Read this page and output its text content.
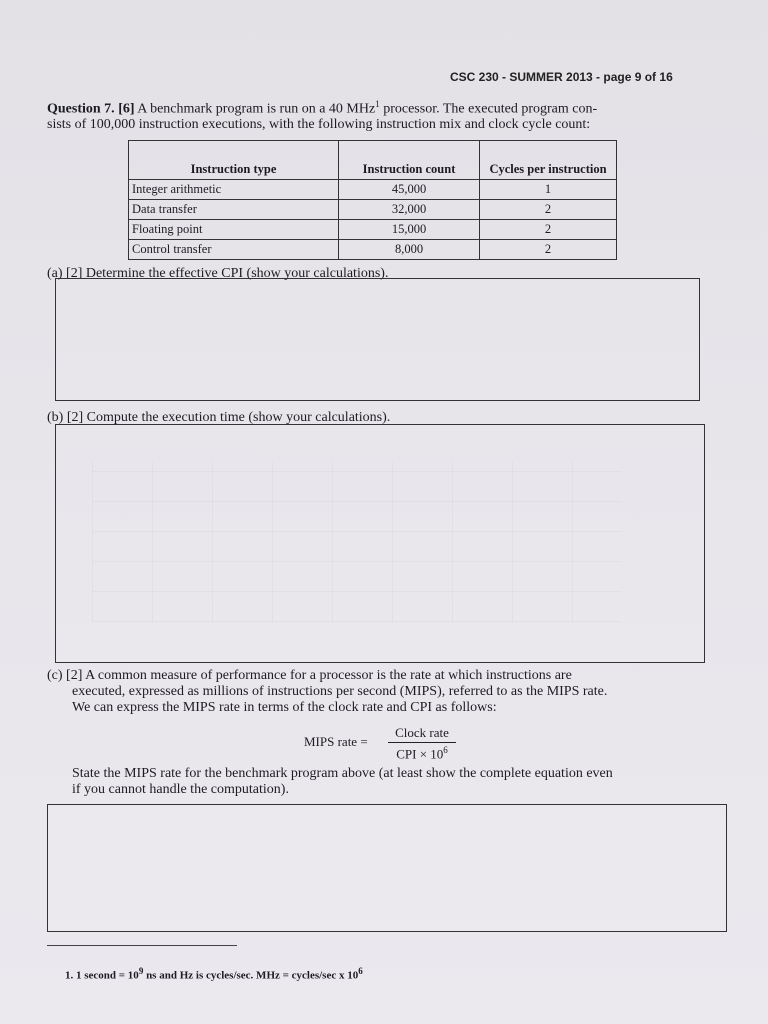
CSC 230 - SUMMER 2013 - page 9 of 16
Question 7. [6] A benchmark program is run on a 40 MHz$^1$ processor. The executed program con-
sists of 100,000 instruction executions, with the following instruction mix and clock cycle count:
Instruction type	Instruction count	Cycles per instruction
Integer arithmetic	45,000	1
Data transfer	32,000	2
Floating point	15,000	2
Control transfer	8,000	2
(a) [2] Determine the effective CPI (show your calculations).
(b) [2] Compute the execution time (show your calculations).
(c) [2] A common measure of performance for a processor is the rate at which instructions are
executed, expressed as millions of instructions per second (MIPS), referred to as the MIPS rate.
We can express the MIPS rate in terms of the clock rate and CPI as follows:
MIPS rate =
Clock rate
CPI × $10^6$
State the MIPS rate for the benchmark program above (at least show the complete equation even
if you cannot handle the computation).
1. 1 second = $10^9$ ns and Hz is cycles/sec. MHz = cycles/sec x $10^6$
